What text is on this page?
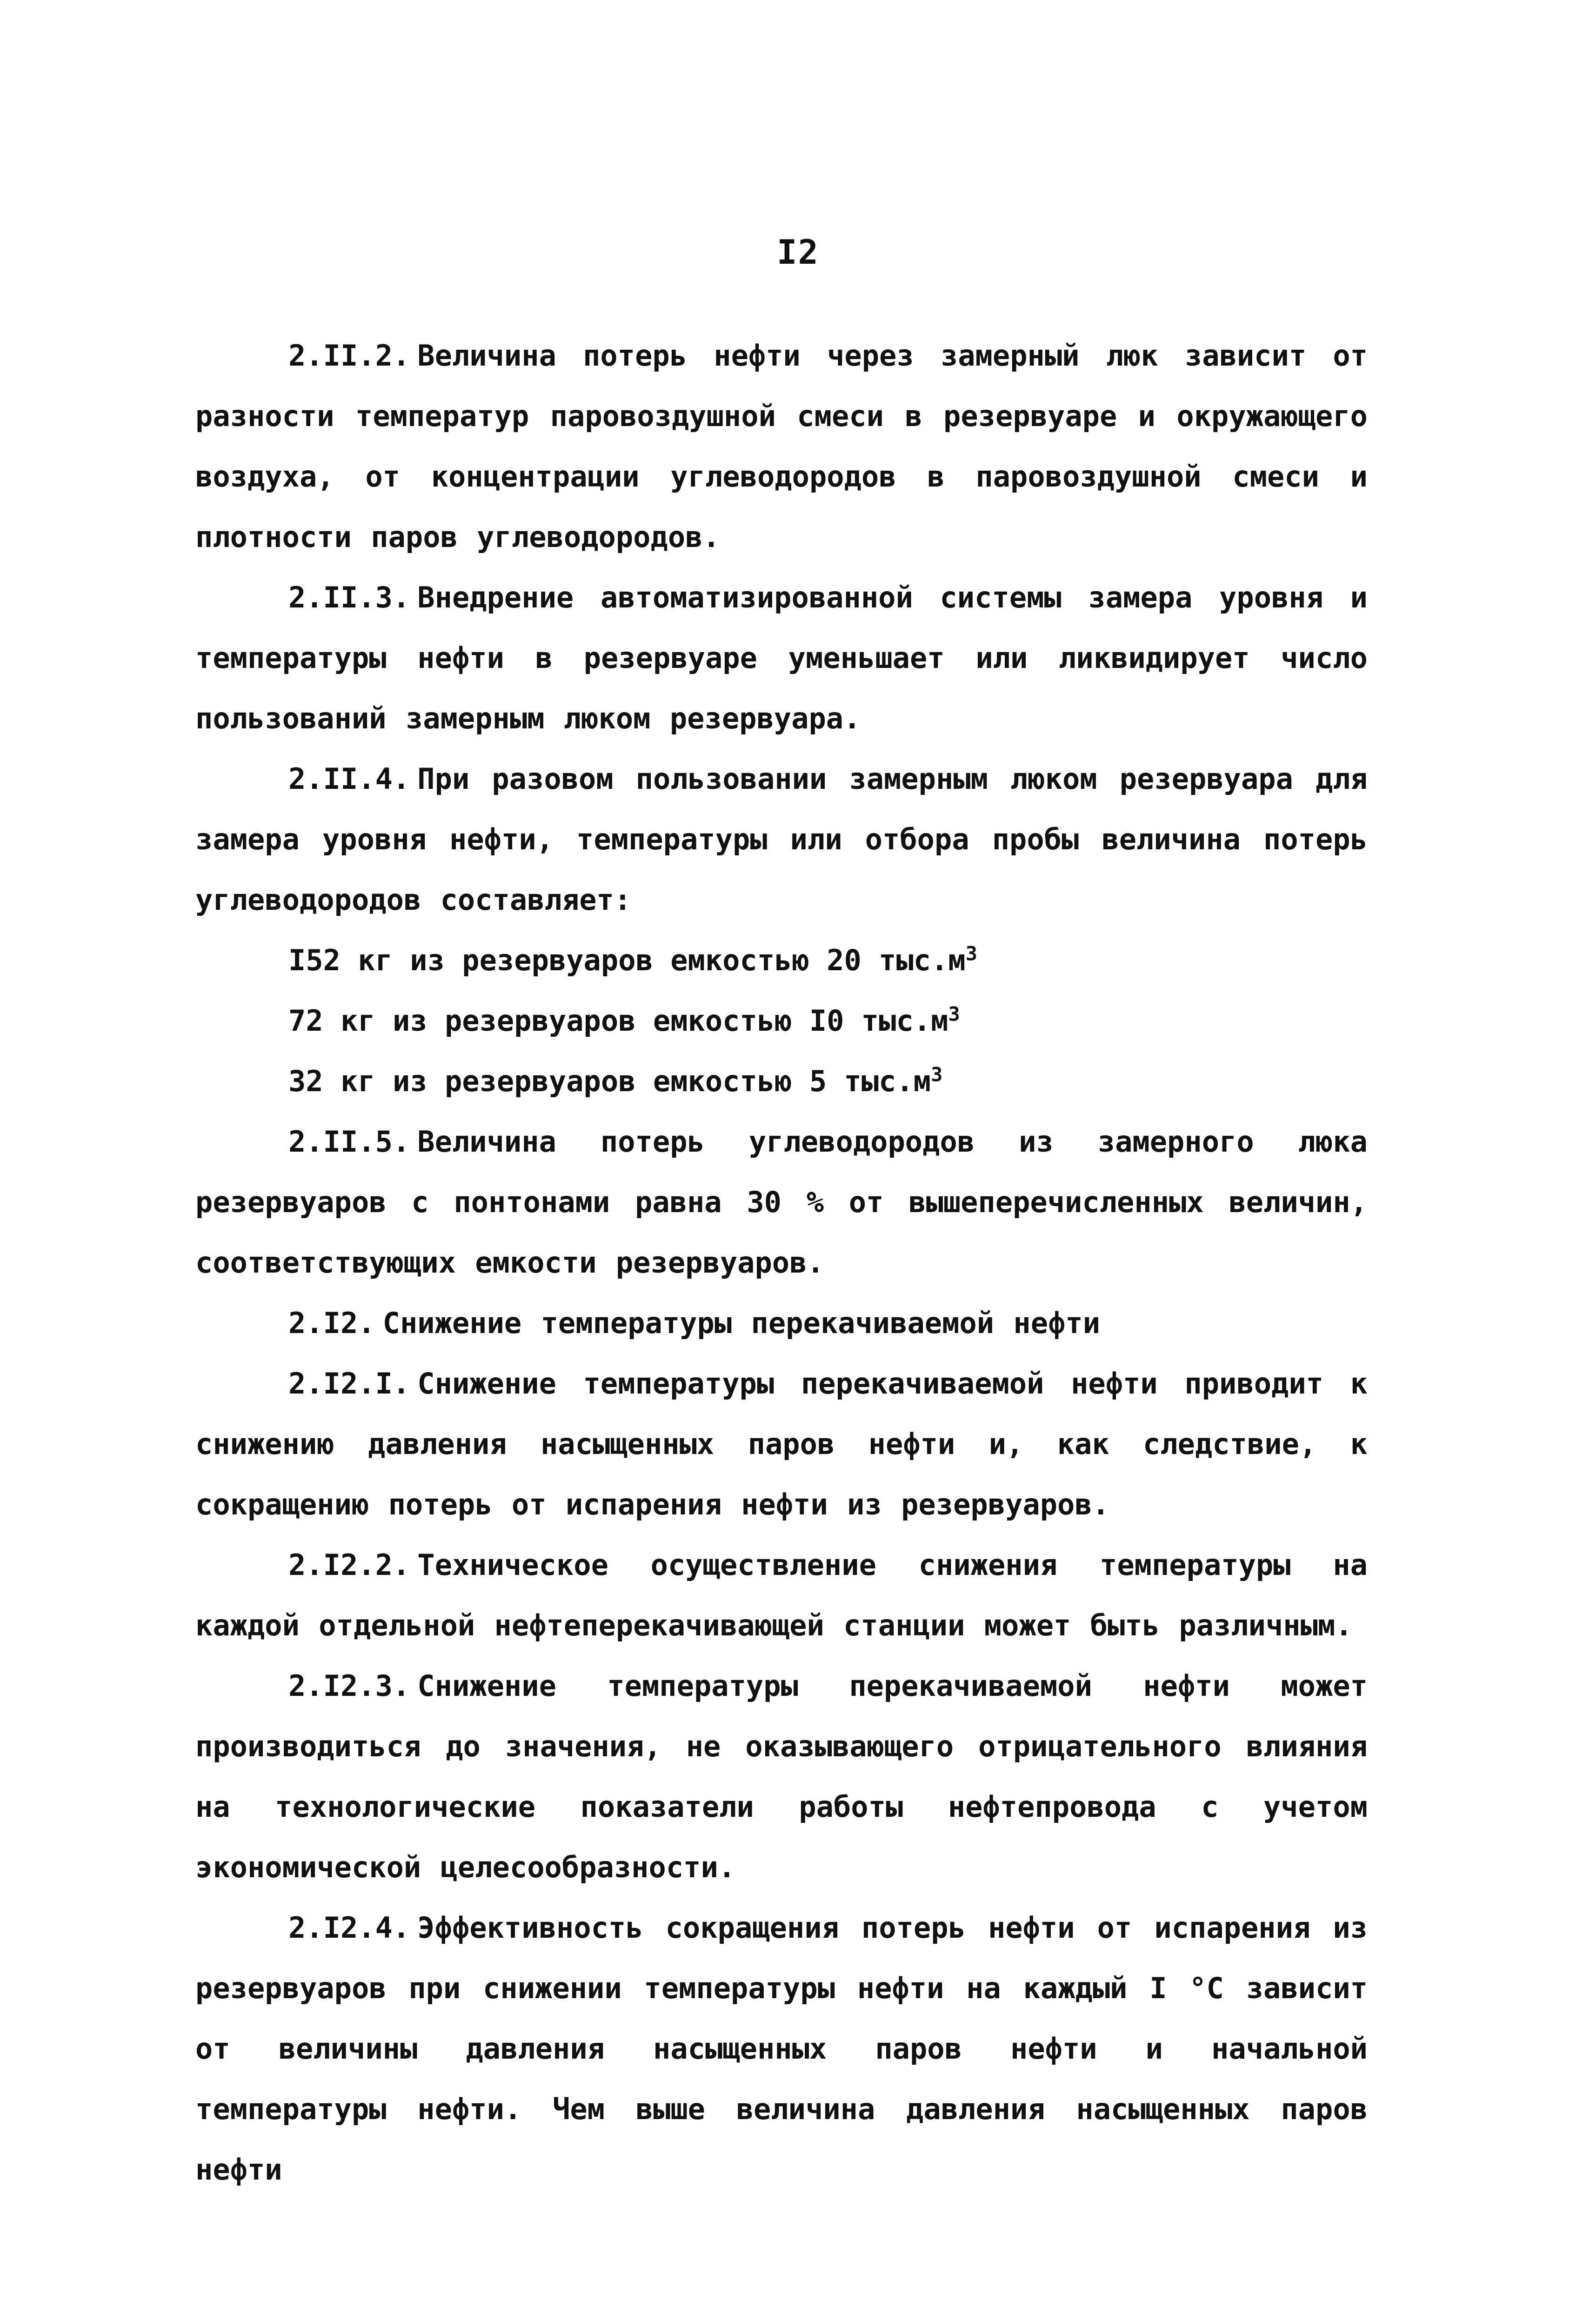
I2

2.II.2. Величина потерь нефти через замерный люк зависит от разности температур паровоздушной смеси в резервуаре и окружающего воздуха, от концентрации углеводородов в паровоздушной смеси и плотности паров углеводородов.

2.II.3. Внедрение автоматизированной системы замера уровня и температуры нефти в резервуаре уменьшает или ликвидирует число пользований замерным люком резервуара.

2.II.4. При разовом пользовании замерным люком резервуара для замера уровня нефти, температуры или отбора пробы величина потерь углеводородов составляет:

I52 кг из резервуаров емкостью 20 $тыс.м^3$
72 кг из резервуаров емкостью I0 $тыс.м^3$
32 кг из резервуаров емкостью 5 $тыс.м^3$

2.II.5. Величина потерь углеводородов из замерного люка резервуаров с понтонами равна 30 % от вышеперечисленных величин, соответствующих емкости резервуаров.

2.I2. Снижение температуры перекачиваемой нефти

2.I2.I. Снижение температуры перекачиваемой нефти приводит к снижению давления насыщенных паров нефти и, как следствие, к сокращению потерь от испарения нефти из резервуаров.

2.I2.2. Техническое осуществление снижения температуры на каждой отдельной нефтеперекачивающей станции может быть различным.

2.I2.3. Снижение температуры перекачиваемой нефти может производиться до значения, не оказывающего отрицательного влияния на технологические показатели работы нефтепровода с учетом экономической целесообразности.

2.I2.4. Эффективность сокращения потерь нефти от испарения из резервуаров при снижении температуры нефти на каждый I °С зависит от величины давления насыщенных паров нефти и начальной температуры нефти. Чем выше величина давления насыщенных паров нефти
